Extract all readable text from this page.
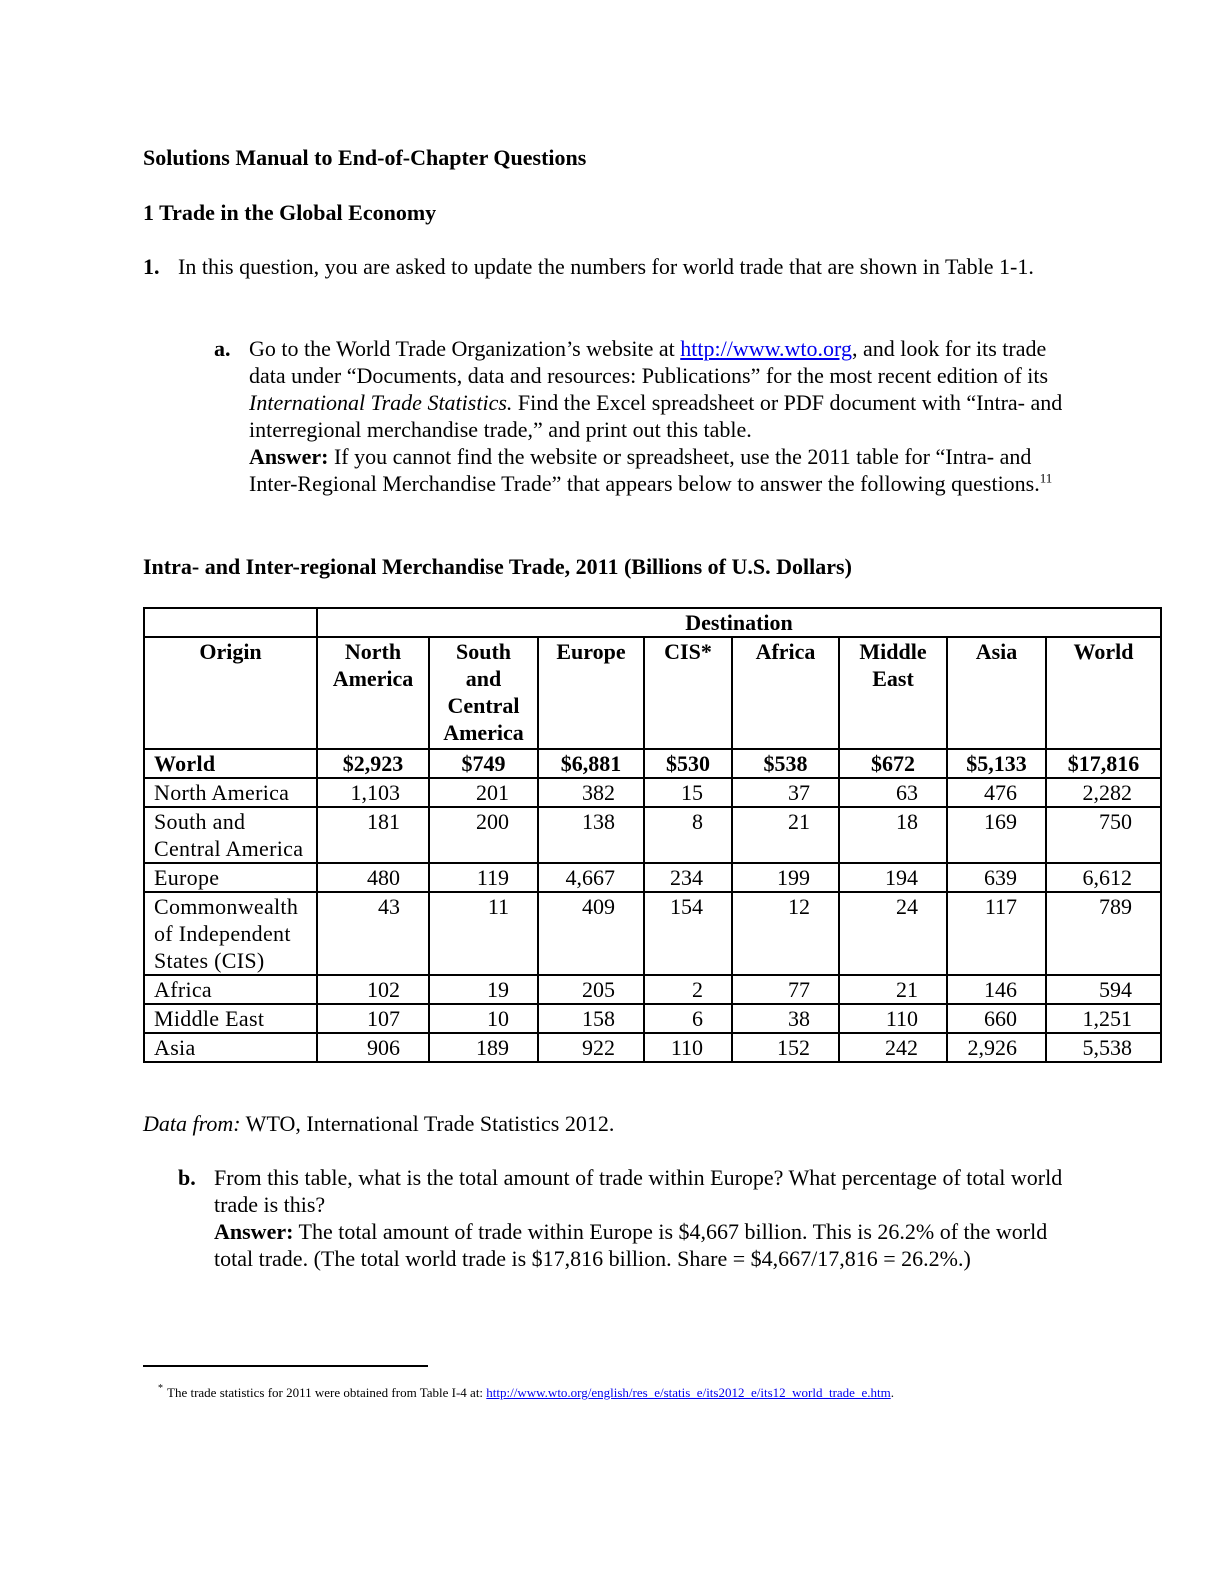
Solutions Manual to End-of-Chapter Questions
1 Trade in the Global Economy
1. In this question, you are asked to update the numbers for world trade that are shown in Table 1-1.
a. Go to the World Trade Organization’s website at http://www.wto.org, and look for its trade data under “Documents, data and resources: Publications” for the most recent edition of its International Trade Statistics. Find the Excel spreadsheet or PDF document with “Intra- and interregional merchandise trade,” and print out this table.
Answer: If you cannot find the website or spreadsheet, use the 2011 table for “Intra- and Inter-Regional Merchandise Trade” that appears below to answer the following questions.$^{11}$
Intra- and Inter-regional Merchandise Trade, 2011 (Billions of U.S. Dollars)
	Destination							
Origin	North America	South and Central America	Europe	CIS*	Africa	Middle East	Asia	World
World	$2,923	$749	$6,881	$530	$538	$672	$5,133	$17,816
North America	1,103	201	382	15	37	63	476	2,282
South and Central America	181	200	138	8	21	18	169	750
Europe	480	119	4,667	234	199	194	639	6,612
Commonwealth of Independent States (CIS)	43	11	409	154	12	24	117	789
Africa	102	19	205	2	77	21	146	594
Middle East	107	10	158	6	38	110	660	1,251
Asia	906	189	922	110	152	242	2,926	5,538
Data from: WTO, International Trade Statistics 2012.
b. From this table, what is the total amount of trade within Europe? What percentage of total world trade is this?
Answer: The total amount of trade within Europe is $4,667 billion. This is 26.2% of the world total trade. (The total world trade is $17,816 billion. Share = $4,667/17,816 = 26.2%.)
* The trade statistics for 2011 were obtained from Table I-4 at: http://www.wto.org/english/res_e/statis_e/its2012_e/its12_world_trade_e.htm.
